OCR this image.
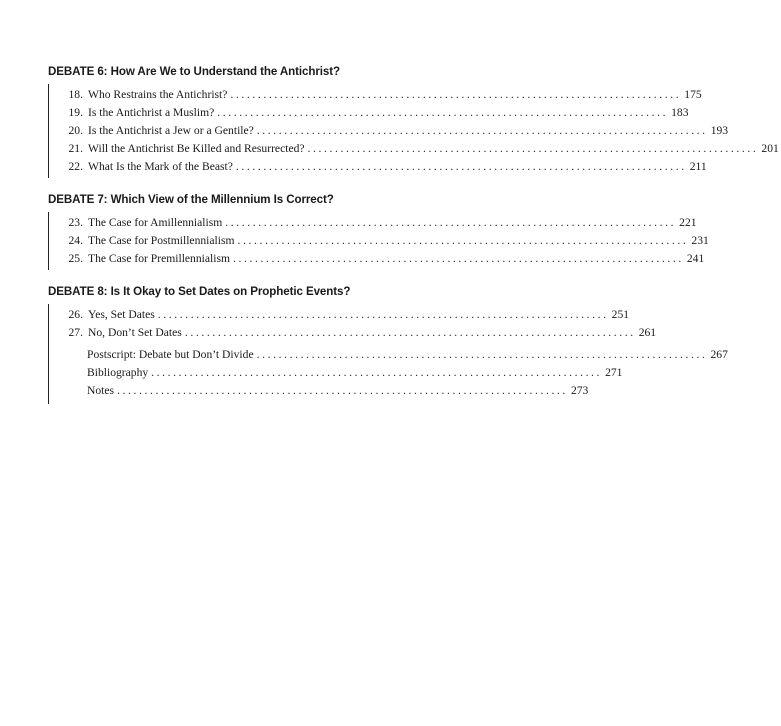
DEBATE 6: How Are We to Understand the Antichrist?
18. Who Restrains the Antichrist? .................................................................................. 175
19. Is the Antichrist a Muslim? .................................................................................. 183
20. Is the Antichrist a Jew or a Gentile? .................................................................................. 193
21. Will the Antichrist Be Killed and Resurrected? .................................................................................. 201
22. What Is the Mark of the Beast? .................................................................................. 211
DEBATE 7: Which View of the Millennium Is Correct?
23. The Case for Amillennialism .................................................................................. 221
24. The Case for Postmillennialism .................................................................................. 231
25. The Case for Premillennialism .................................................................................. 241
DEBATE 8: Is It Okay to Set Dates on Prophetic Events?
26. Yes, Set Dates .................................................................................. 251
27. No, Don’t Set Dates .................................................................................. 261
Postscript: Debate but Don’t Divide .................................................................................. 267
Bibliography .................................................................................. 271
Notes .................................................................................. 273
